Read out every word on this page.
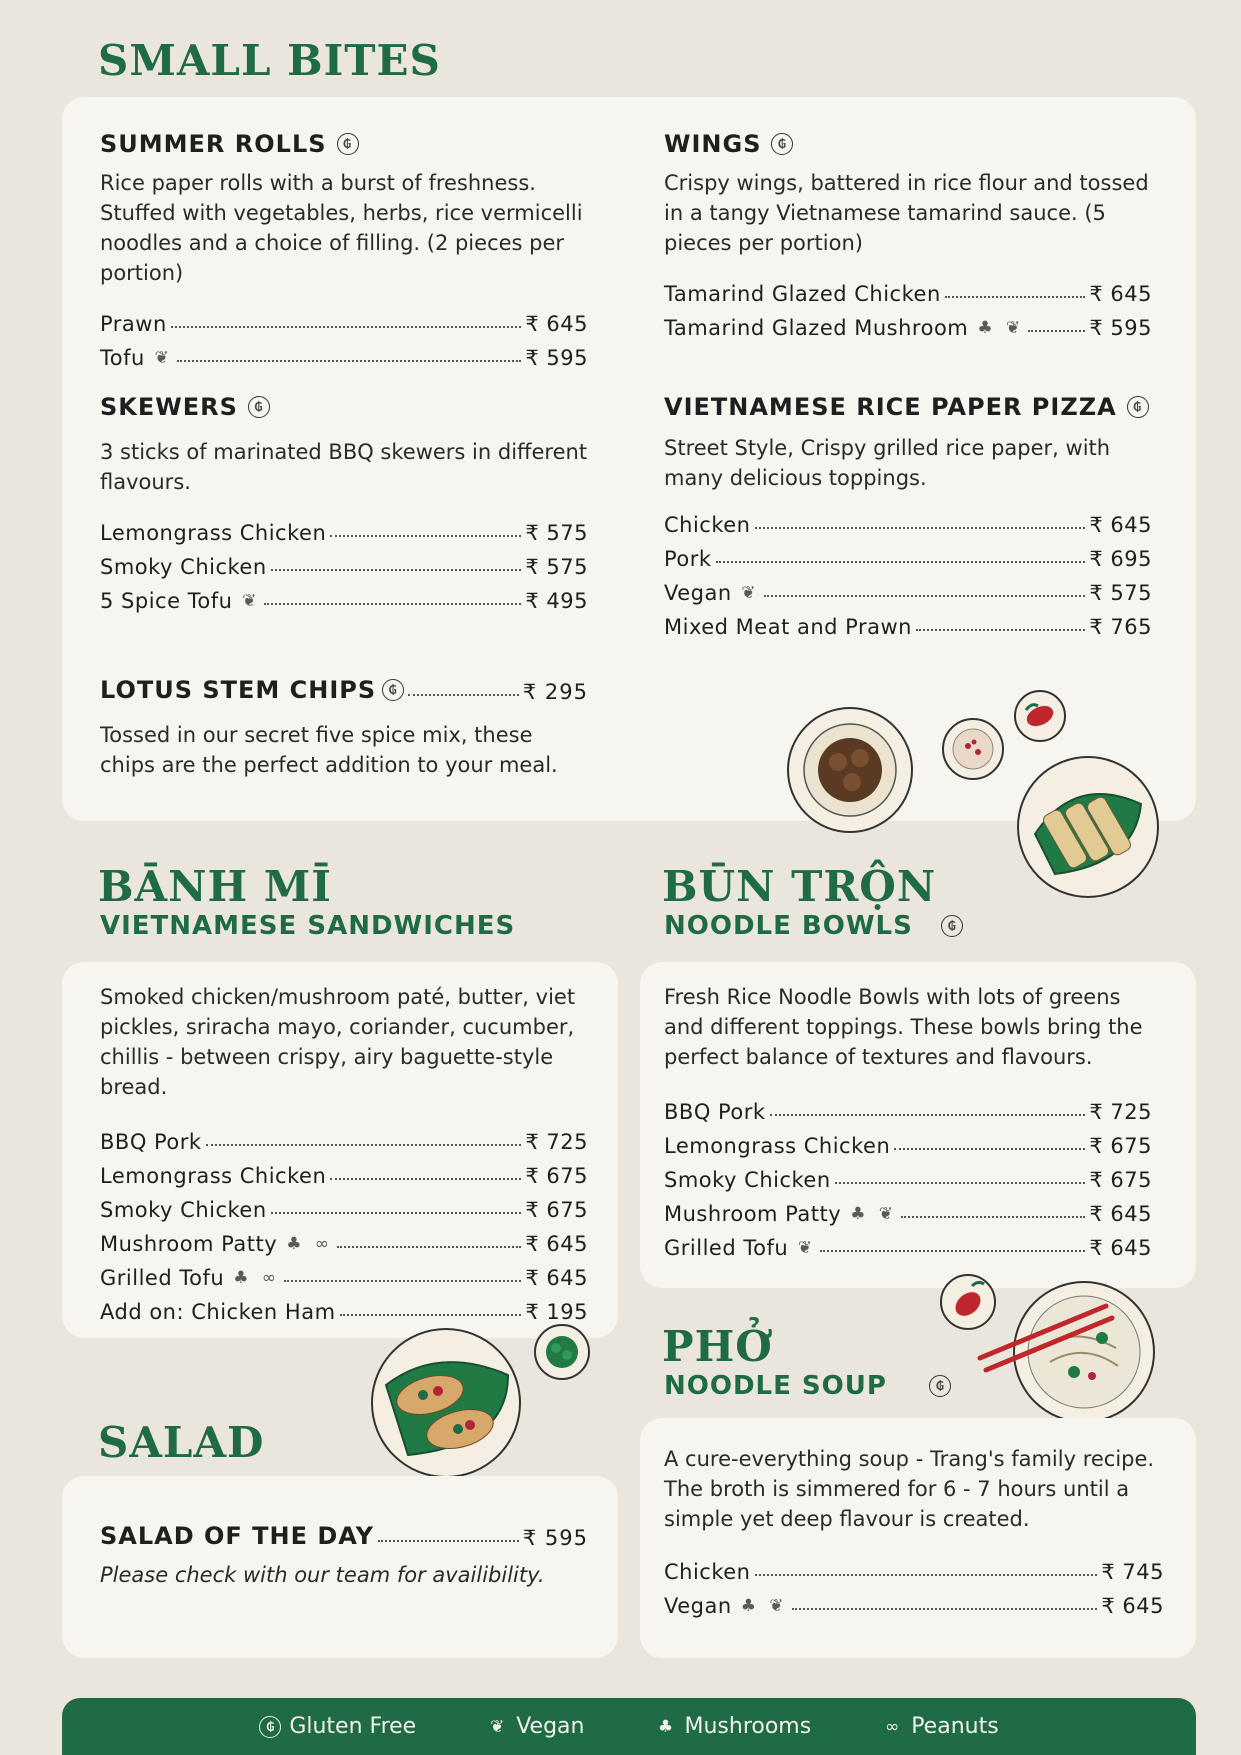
SMALL BITES

SUMMER ROLLS	₲

Rice paper rolls with a burst of freshness. Stuffed with vegetables, herbs, rice vermicelli noodles and a choice of filling. (2 pieces per portion)

Prawn	₹ 645
Tofu ❦	₹ 595

WINGS	₲

Crispy wings, battered in rice flour and tossed in a tangy Vietnamese tamarind sauce. (5 pieces per portion)

Tamarind Glazed Chicken	₹ 645
Tamarind Glazed Mushroom ♣ ❦	₹ 595

SKEWERS	₲

3 sticks of marinated BBQ skewers in different flavours.

Lemongrass Chicken	₹ 575
Smoky Chicken	₹ 575
5 Spice Tofu ❦	₹ 495

VIETNAMESE RICE PAPER PIZZA	₲

Street Style, Crispy grilled rice paper, with many delicious toppings.

Chicken	₹ 645
Pork	₹ 695
Vegan ❦	₹ 575
Mixed Meat and Prawn	₹ 765
LOTUS STEM CHIPS	₲	₹ 295

Tossed in our secret five spice mix, these chips are the perfect addition to your meal.

BĀNH MĪ
VIETNAMESE SANDWICHES

Smoked chicken/mushroom paté, butter, viet pickles, sriracha mayo, coriander, cucumber, chillis - between crispy, airy baguette-style bread.

BBQ Pork	₹ 725
Lemongrass Chicken	₹ 675
Smoky Chicken	₹ 675
Mushroom Patty ♣ ∞	₹ 645
Grilled Tofu ♣ ∞	₹ 645
Add on: Chicken Ham	₹ 195
BŪN TRỘN
NOODLE BOWLS	₲

Fresh Rice Noodle Bowls with lots of greens and different toppings. These bowls bring the perfect balance of textures and flavours.

BBQ Pork	₹ 725
Lemongrass Chicken	₹ 675
Smoky Chicken	₹ 675
Mushroom Patty ♣ ❦	₹ 645
Grilled Tofu ❦	₹ 645
SALAD
SALAD OF THE DAY	₹ 595

Please check with our team for availibility.

PHỞ
NOODLE SOUP	₲

A cure-everything soup - Trang's family recipe. The broth is simmered for 6 - 7 hours until a simple yet deep flavour is created.

Chicken	₹ 745
Vegan ♣ ❦	₹ 645
₲ Gluten Free	❦ Vegan	♣ Mushrooms	∞ Peanuts
